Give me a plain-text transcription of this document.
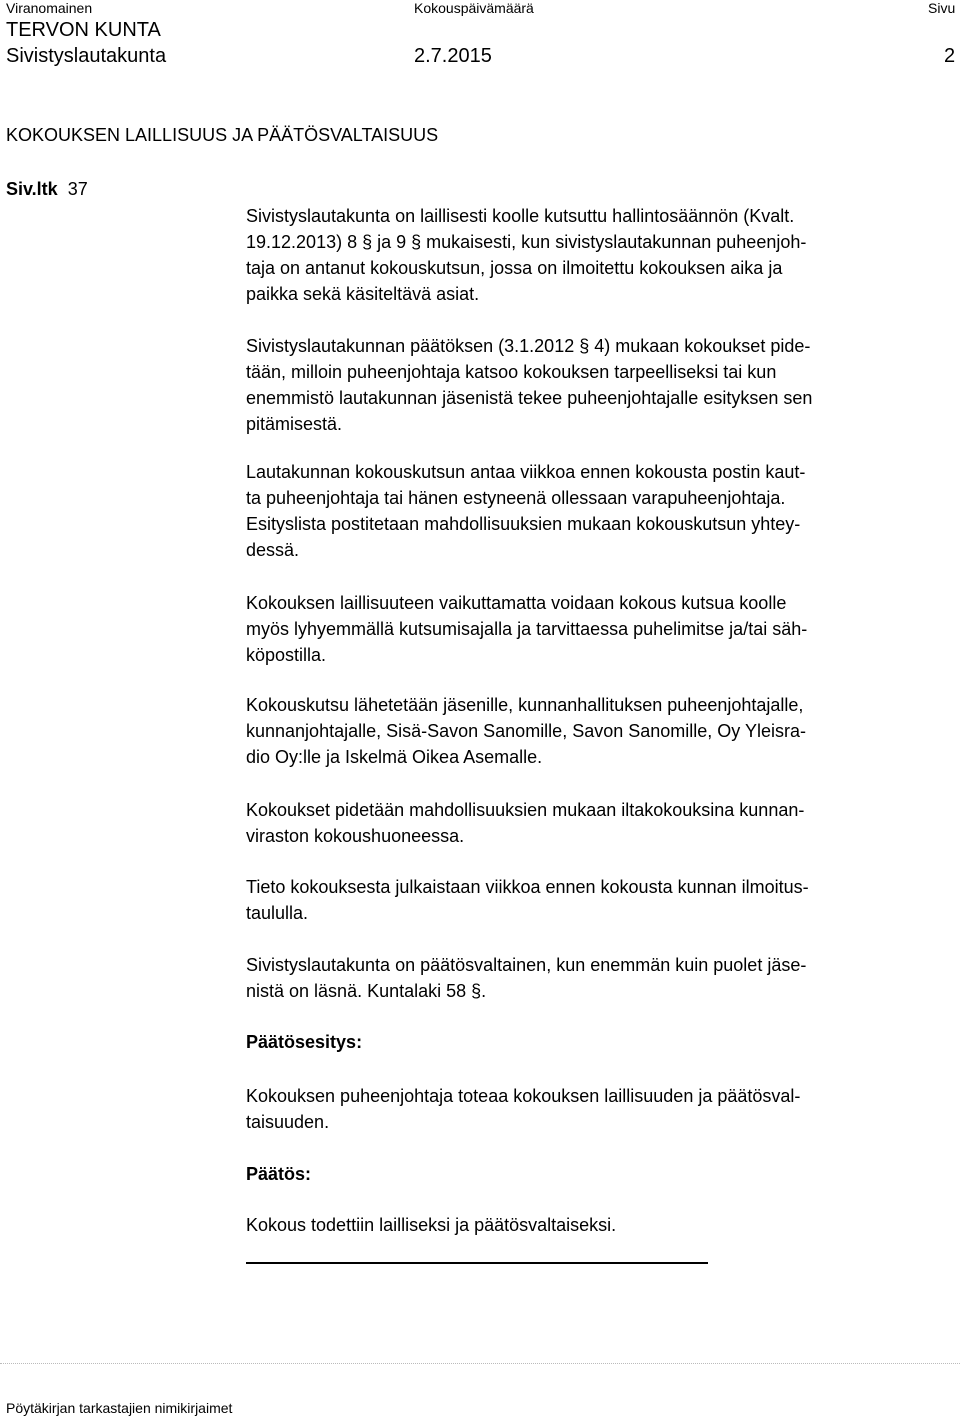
Viranomainen	Kokouspäivämäärä	Sivu
TERVON KUNTA
Sivistyslautakunta	2.7.2015	2
KOKOUKSEN LAILLISUUS JA PÄÄTÖSVALTAISUUS
Siv.ltk 37
Sivistyslautakunta on laillisesti koolle kutsuttu hallintosäännön (Kvalt.
19.12.2013) 8 § ja 9 § mukaisesti, kun sivistyslautakunnan puheenjoh-
taja on antanut kokouskutsun, jossa on ilmoitettu kokouksen aika ja
paikka sekä käsiteltävä asiat.
Sivistyslautakunnan päätöksen (3.1.2012 § 4) mukaan kokoukset pide-
tään, milloin puheenjohtaja katsoo kokouksen tarpeelliseksi tai kun
enemmistö lautakunnan jäsenistä tekee puheenjohtajalle esityksen sen
pitämisestä.
Lautakunnan kokouskutsun antaa viikkoa ennen kokousta postin kaut-
ta puheenjohtaja tai hänen estyneenä ollessaan varapuheenjohtaja.
Esityslista postitetaan mahdollisuuksien mukaan kokouskutsun yhtey-
dessä.
Kokouksen laillisuuteen vaikuttamatta voidaan kokous kutsua koolle
myös lyhyemmällä kutsumisajalla ja tarvittaessa puhelimitse ja/tai säh-
köpostilla.
Kokouskutsu lähetetään jäsenille, kunnanhallituksen puheenjohtajalle,
kunnanjohtajalle, Sisä-Savon Sanomille, Savon Sanomille, Oy Yleisra-
dio Oy:lle ja Iskelmä Oikea Asemalle.
Kokoukset pidetään mahdollisuuksien mukaan iltakokouksina kunnan-
viraston kokoushuoneessa.
Tieto kokouksesta julkaistaan viikkoa ennen kokousta kunnan ilmoitus-
taululla.
Sivistyslautakunta on päätösvaltainen, kun enemmän kuin puolet jäse-
nistä on läsnä. Kuntalaki 58 §.
Päätösesitys:
Kokouksen puheenjohtaja toteaa kokouksen laillisuuden ja päätösval-
taisuuden.
Päätös:
Kokous todettiin lailliseksi ja päätösvaltaiseksi.
Pöytäkirjan tarkastajien nimikirjaimet
